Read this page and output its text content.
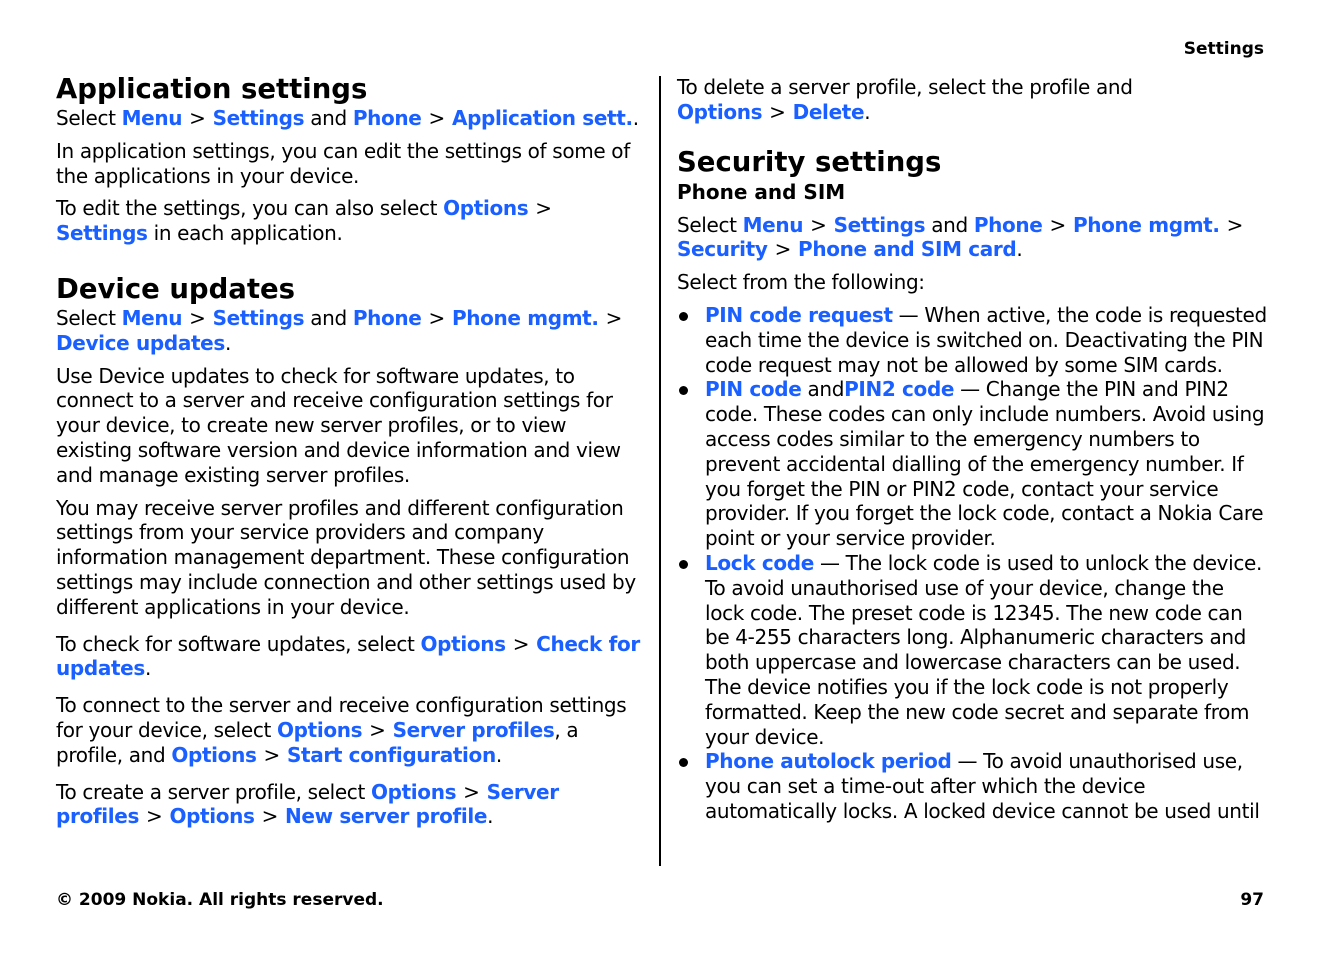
Settings
Application settings

Select Menu > Settings and Phone > Application sett..

In application settings, you can edit the settings of some of the applications in your device.

To edit the settings, you can also select Options >
Settings in each application.

Device updates

Select Menu > Settings and Phone > Phone mgmt. >
Device updates.

Use Device updates to check for software updates, to connect to a server and receive configuration settings for your device, to create new server profiles, or to view existing software version and device information and view and manage existing server profiles.

You may receive server profiles and different configuration settings from your service providers and company information management department. These configuration settings may include connection and other settings used by different applications in your device.

To check for software updates, select Options > Check for updates.

To connect to the server and receive configuration settings for your device, select Options > Server profiles, a profile, and Options > Start configuration.

To create a server profile, select Options > Server profiles > Options > New server profile.

To delete a server profile, select the profile and Options > Delete.

Security settings
Phone and SIM

Select Menu > Settings and Phone > Phone mgmt. >
Security > Phone and SIM card.

Select from the following:

PIN code request — When active, the code is requested each time the device is switched on. Deactivating the PIN code request may not be allowed by some SIM cards.
PIN code andPIN2 code — Change the PIN and PIN2 code. These codes can only include numbers. Avoid using access codes similar to the emergency numbers to prevent accidental dialling of the emergency number. If you forget the PIN or PIN2 code, contact your service provider. If you forget the lock code, contact a Nokia Care point or your service provider.
Lock code — The lock code is used to unlock the device. To avoid unauthorised use of your device, change the lock code. The preset code is 12345. The new code can be 4-255 characters long. Alphanumeric characters and both uppercase and lowercase characters can be used. The device notifies you if the lock code is not properly formatted. Keep the new code secret and separate from your device.
Phone autolock period — To avoid unauthorised use, you can set a time-out after which the device automatically locks. A locked device cannot be used until
© 2009 Nokia. All rights reserved.	97
